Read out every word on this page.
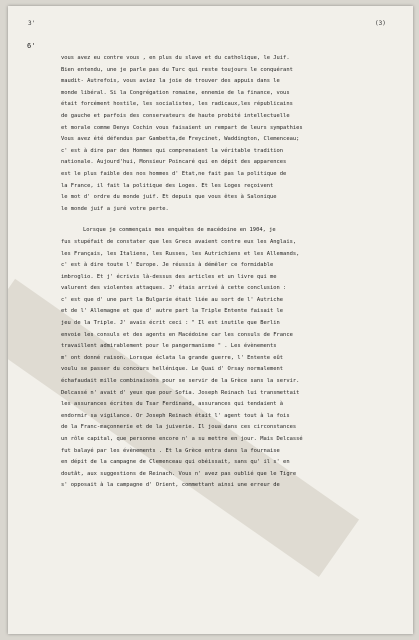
3'	(3)
6'
vous avez eu contre vous , en plus du slave et du catholique, le Juif.
Bien entendu, une je parle pas du Turc qui reste toujours le conquérant
maudit- Autrefois, vous aviez la joie de trouver des appuis dans le
monde libéral. Si la Congrégation romaine, ennemie de la finance, vous
était forcément hostile, les socialistes, les radicaux,les républicains
de gauche et parfois des conservateurs de haute probité intellectuelle
et morale comme Denys Cochin vous faisaient un rempart de leurs sympathies
Vous avez été défendus par Gambetta,de Freycinet, Waddington, Clemenceau;
c' est à dire par des Hommes qui comprenaient la véritable tradition
nationale. Aujourd'hui, Monsieur Poincaré qui en dépit des apparences
est le plus faible des nos hommes d' Etat,ne fait pas la politique de
la France, il fait la politique des Loges. Et les Loges reçoivent
le mot d' ordre du monde juif. Et depuis que vous êtes à Salonique
le monde juif a juré votre perte.
Lorsque je commençais mes enquêtes de macédoine en 1904, je
fus stupéfait de constater que les Grecs avaient contre eux les Anglais,
les Français, les Italiens, les Russes, les Autrichiens et les Allemands,
c' est à dire toute l' Europe. Je réussis à démêler ce formidable
imbroglio. Et j' écrivis là-dessus des articles et un livre qui me
valurent des violentes attaques. J' étais arrivé à cette conclusion :
c' est que d' une part la Bulgarie était liée au sort de l' Autriche
et de l' Allemagne et que d' autre part la Triple Entente faisait le
jeu de la Triple. J' avais écrit ceci : " Il est inutile que Berlin
envoie les consuls et des agents en Macédoine car les consuls de France
travaillent admirablement pour le pangermanisme " . Les évènements
m' ont donné raison. Lorsque éclata la grande guerre, l' Entente eût
voulu se passer du concours hellénique. Le Quai d' Orsay normalement
échafaudait mille combinaisons pour se servir de la Grèce sans la servir.
Delcassé n' avait d' yeux que pour Sofia. Joseph Reinach lui transmettait
les assurances écrites du Tsar Ferdinand, assurances qui tendaient à
endormir sa vigilance. Or Joseph Reinach était l' agent tout à la fois
de la Franc-maçonnerie et de la juiverie. Il joua dans ces circonstances
un rôle capital, que personne encore n' a su mettre en jour. Mais Delcassé
fut balayé par les évènements . Et la Grèce entra dans la fournaise
en dépit de la campagne de Clemenceau qui obéissait, sans qu' il s' en
doutât, aux suggestions de Reinach. Vous n' avez pas oublié que le Tigre
s' opposait à la campagne d' Orient, commettant ainsi une erreur de
